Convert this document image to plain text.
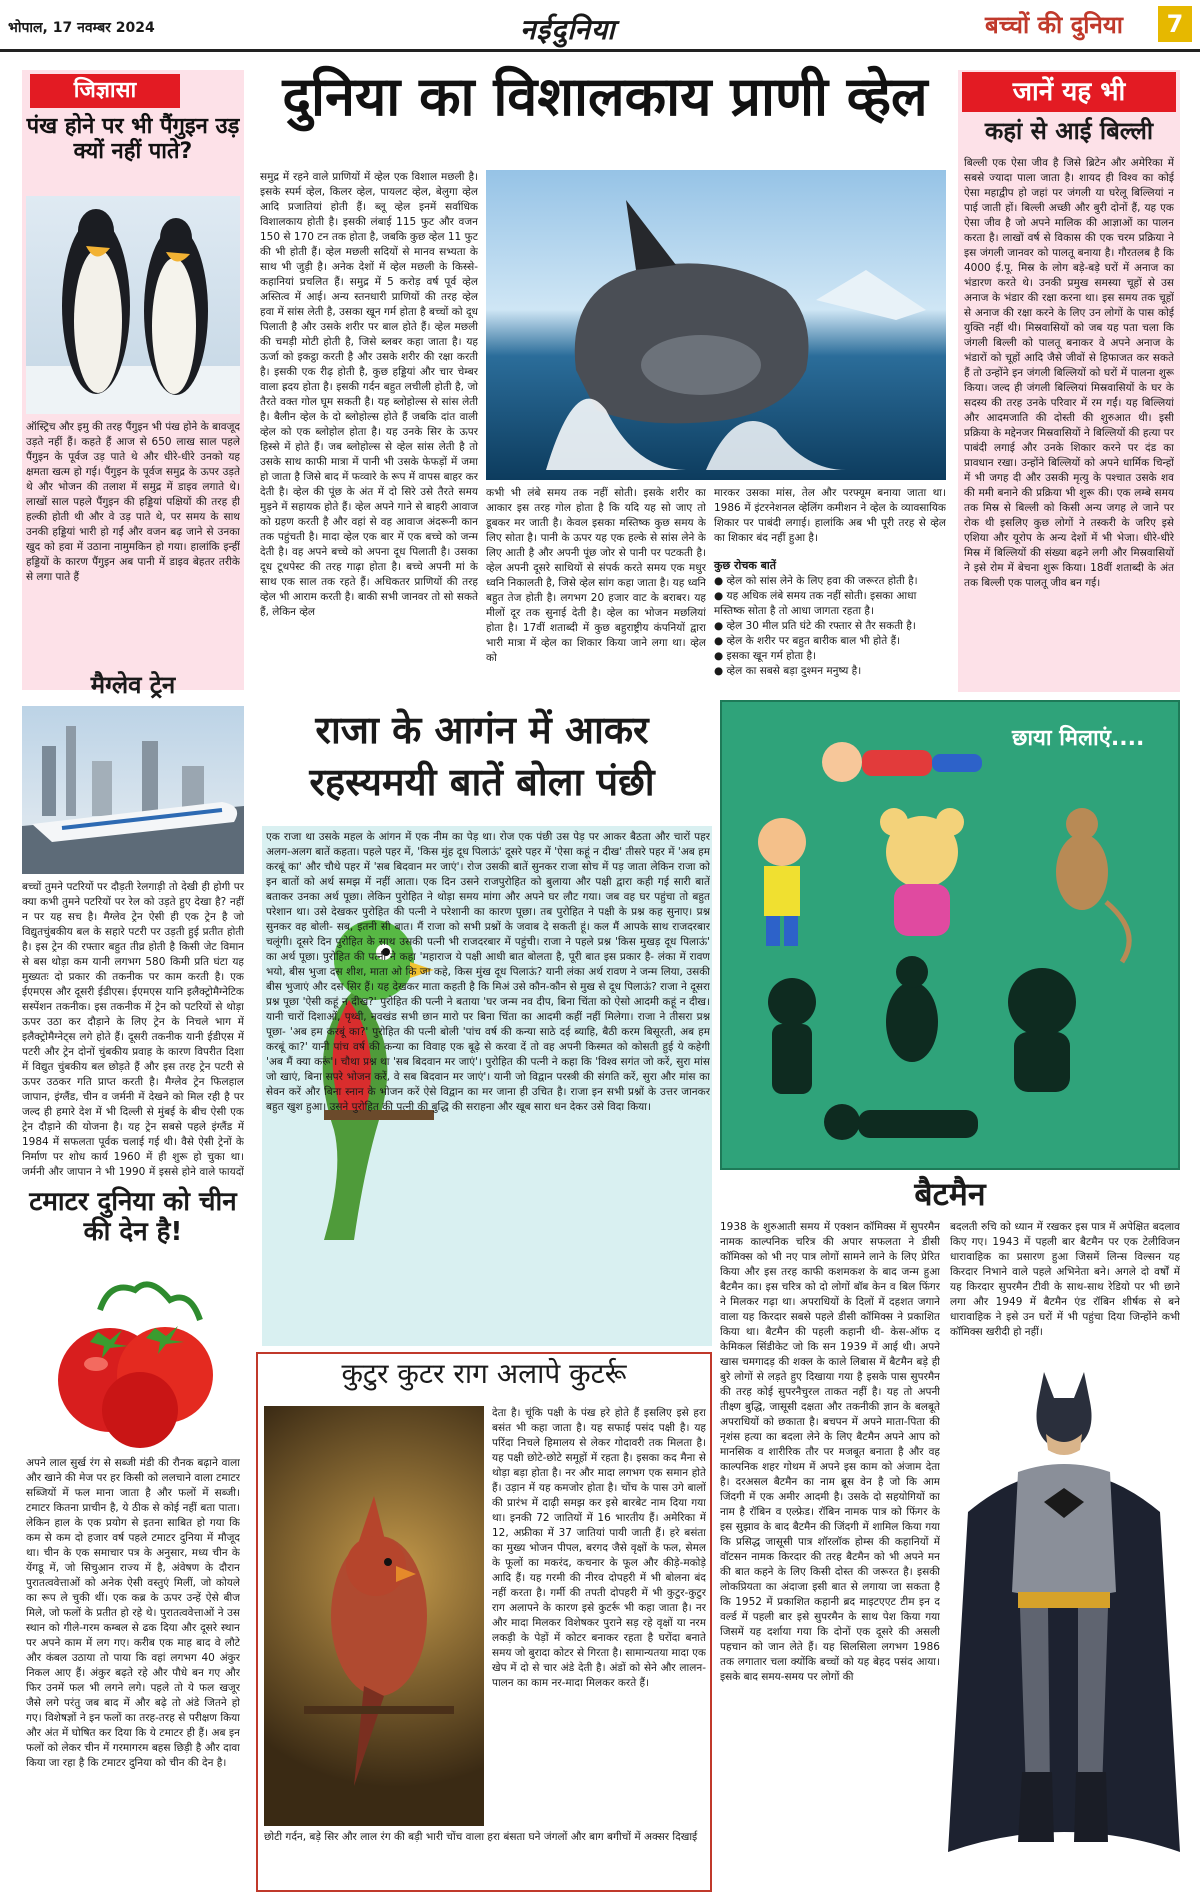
भोपाल, 17 नवम्बर 2024	नईदुनिया	बच्चों की दुनिया	7
जिज्ञासा
पंख होने पर भी पैंगुइन उड़ क्यों नहीं पाते?
ऑस्ट्रिच और इमु की तरह पैंगुइन भी पंख होने के बावजूद उड़ते नहीं हैं। कहते हैं आज से 650 लाख साल पहले पैंगुइन के पूर्वज उड़ पाते थे और धीरे-धीरे उनको यह क्षमता खत्म हो गई। पैंगुइन के पूर्वज समुद्र के ऊपर उड़ते थे और भोजन की तलाश में समुद्र में डाइव लगाते थे। लाखों साल पहले पैंगुइन की हड्डियां पक्षियों की तरह ही हल्की होती थी और वे उड़ पाते थे, पर समय के साथ उनकी हड्डियां भारी हो गईं और वजन बढ़ जाने से उनका खुद को हवा में उठाना नामुमकिन हो गया। हालांकि इन्हीं हड्डियों के कारण पैंगुइन अब पानी में डाइव बेहतर तरीके से लगा पाते हैं
मैग्लेव ट्रेन
बच्चों तुमने पटरियों पर दौड़ती रेलगाड़ी तो देखी ही होगी पर क्या कभी तुमने पटरियों पर रेल को उड़ते हुए देखा है? नहीं न पर यह सच है। मैग्लेव ट्रेन ऐसी ही एक ट्रेन है जो विद्युतचुंबकीय बल के सहारे पटरी पर उड़ती हुई प्रतीत होती है। इस ट्रेन की रफ्तार बहुत तीव्र होती है किसी जेट विमान से बस थोड़ा कम यानी लगभग 580 किमी प्रति घंटा यह मुख्यतः दो प्रकार की तकनीक पर काम करती है। एक ईएमएस और दूसरी ईडीएस। ईएमएस यानि इलैक्ट्रोमैग्नेटिक सस्पेंशन तकनीक। इस तकनीक में ट्रेन को पटरियों से थोड़ा ऊपर उठा कर दौड़ाने के लिए ट्रेन के निचले भाग में इलैक्ट्रोमैग्नेट्स लगे होते हैं। दूसरी तकनीक यानी ईडीएस में पटरी और ट्रेन दोनों चुंबकीय प्रवाह के कारण विपरीत दिशा में विद्युत चुंबकीय बल छोड़ते हैं और इस तरह ट्रेन पटरी से ऊपर उठकर गति प्राप्त करती है। मैग्लेव ट्रेन फिलहाल जापान, इंग्लैंड, चीन व जर्मनी में देखने को मिल रही है पर जल्द ही हमारे देश में भी दिल्ली से मुंबई के बीच ऐसी एक ट्रेन दौड़ाने की योजना है। यह ट्रेन सबसे पहले इंग्लैंड में 1984 में सफलता पूर्वक चलाई गई थी। वैसे ऐसी ट्रेनों के निर्माण पर शोध कार्य 1960 में ही शुरू हो चुका था। जर्मनी और जापान ने भी 1990 में इससे होने वाले फायदों
टमाटर दुनिया को चीन की देन है!
अपने लाल सुर्ख रंग से सब्जी मंडी की रौनक बढ़ाने वाला और खाने की मेज पर हर किसी को ललचाने वाला टमाटर सब्जियों में फल माना जाता है और फलों में सब्जी। टमाटर कितना प्राचीन है, ये ठीक से कोई नहीं बता पाता। लेकिन हाल के एक प्रयोग से इतना साबित हो गया कि कम से कम दो हजार वर्ष पहले टमाटर दुनिया में मौजूद था। चीन के एक समाचार पत्र के अनुसार, मध्य चीन के येंगडू में, जो सिचुआन राज्य में है, अंवेषण के दौरान पुरातत्ववेत्ताओं को अनेक ऐसी वस्तुएं मिलीं, जो कोयले का रूप ले चुकी थीं। एक कब्र के ऊपर उन्हें ऐसे बीज मिले, जो फलों के प्रतीत हो रहे थे। पुरातत्ववेत्ताओं ने उस स्थान को गीले-गरम कम्बल से ढक दिया और दूसरे स्थान पर अपने काम में लग गए। करीब एक माह बाद वे लौटे और कंबल उठाया तो पाया कि वहां लगभग 40 अंकुर निकल आए हैं। अंकुर बढ़ते रहे और पौधे बन गए और फिर उनमें फल भी लगने लगे। पहले तो ये फल खजूर जैसे लगे परंतु जब बाद में और बढ़े तो अंडे जितने हो गए। विशेषज्ञों ने इन फलों का तरह-तरह से परीक्षण किया और अंत में घोषित कर दिया कि ये टमाटर ही हैं। अब इन फलों को लेकर चीन में गरमागरम बहस छिड़ी है और दावा किया जा रहा है कि टमाटर दुनिया को चीन की देन है।
दुनिया का विशालकाय प्राणी व्हेल
समुद्र में रहने वाले प्राणियों में व्हेल एक विशाल मछली है। इसके स्पर्म व्हेल, किलर व्हेल, पायलट व्हेल, बेलुगा व्हेल आदि प्रजातियां होती हैं। ब्लू व्हेल इनमें सर्वाधिक विशालकाय होती है। इसकी लंबाई 115 फुट और वजन 150 से 170 टन तक होता है, जबकि कुछ व्हेल 11 फुट की भी होती हैं। व्हेल मछली सदियों से मानव सभ्यता के साथ भी जुड़ी है। अनेक देशों में व्हेल मछली के किस्से-कहानियां प्रचलित हैं। समुद्र में 5 करोड़ वर्ष पूर्व व्हेल अस्तित्व में आई। अन्य स्तनधारी प्राणियों की तरह व्हेल हवा में सांस लेती है, उसका खून गर्म होता है बच्चों को दूध पिलाती है और उसके शरीर पर बाल होते हैं। व्हेल मछली की चमड़ी मोटी होती है, जिसे ब्लबर कहा जाता है। यह ऊर्जा को इकट्ठा करती है और उसके शरीर की रक्षा करती है। इसकी एक रीढ़ होती है, कुछ हड्डियां और चार चेम्बर वाला ह्रदय होता है। इसकी गर्दन बहुत लचीली होती है, जो तैरते वक्त गोल घूम सकती है। यह ब्लोहोल्स से सांस लेती है। बैलीन व्हेल के दो ब्लोहोल्स होते हैं जबकि दांत वाली व्हेल को एक ब्लोहोल होता है। यह उनके सिर के ऊपर हिस्से में होते हैं। जब ब्लोहोल्स से व्हेल सांस लेती है तो उसके साथ काफी मात्रा में पानी भी उसके फेफड़ों में जमा हो जाता है जिसे बाद में फव्वारे के रूप में वापस बाहर कर देती है। व्हेल की पूंछ के अंत में दो सिरे उसे तैरते समय मुड़ने में सहायक होते हैं। व्हेल अपने गाने से बाहरी आवाज को ग्रहण करती है और वहां से वह आवाज अंदरूनी कान तक पहुंचती है। मादा व्हेल एक बार में एक बच्चे को जन्म देती है। वह अपने बच्चे को अपना दूध पिलाती है। उसका दूध टूथपेस्ट की तरह गाढ़ा होता है। बच्चे अपनी मां के साथ एक साल तक रहते हैं। अधिकतर प्राणियों की तरह व्हेल भी आराम करती है। बाकी सभी जानवर तो सो सकते हैं, लेकिन व्हेल
कभी भी लंबे समय तक नहीं सोती। इसके शरीर का आकार इस तरह गोल होता है कि यदि यह सो जाए तो डूबकर मर जाती है। केवल इसका मस्तिष्क कुछ समय के लिए सोता है। पानी के ऊपर यह एक हल्के से सांस लेने के लिए आती है और अपनी पूंछ जोर से पानी पर पटकती है। व्हेल अपनी दूसरे साथियों से संपर्क करते समय एक मधुर ध्वनि निकालती है, जिसे व्हेल सांग कहा जाता है। यह ध्वनि बहुत तेज होती है। लगभग 20 हजार वाट के बराबर। यह मीलों दूर तक सुनाई देती है। व्हेल का भोजन मछलियां होता है। 17वीं शताब्दी में कुछ बहुराष्ट्रीय कंपनियों द्वारा भारी मात्रा में व्हेल का शिकार किया जाने लगा था। व्हेल को
मारकर उसका मांस, तेल और परफ्यूम बनाया जाता था। 1986 में इंटरनेशनल व्हेलिंग कमीशन ने व्हेल के व्यावसायिक शिकार पर पाबंदी लगाई। हालांकि अब भी पूरी तरह से व्हेल का शिकार बंद नहीं हुआ है।
कुछ रोचक बातें
● व्हेल को सांस लेने के लिए हवा की जरूरत होती है।
● यह अधिक लंबे समय तक नहीं सोती। इसका आधा मस्तिष्क सोता है तो आधा जागता रहता है।
● व्हेल 30 मील प्रति घंटे की रफ्तार से तैर सकती है।
● व्हेल के शरीर पर बहुत बारीक बाल भी होते हैं।
● इसका खून गर्म होता है।
● व्हेल का सबसे बड़ा दुश्मन मनुष्य है।
जानें यह भी
कहां से आई बिल्ली
बिल्ली एक ऐसा जीव है जिसे ब्रिटेन और अमेरिका में सबसे ज्यादा पाला जाता है। शायद ही विश्व का कोई ऐसा महाद्वीप हो जहां पर जंगली या घरेलू बिल्लियां न पाई जाती हों। बिल्ली अच्छी और बुरी दोनों हैं, यह एक ऐसा जीव है जो अपने मालिक की आज्ञाओं का पालन करता है। लाखों वर्ष से विकास की एक चरम प्रक्रिया ने इस जंगली जानवर को पालतू बनाया है। गौरतलब है कि 4000 ई.पू. मिस्र के लोग बड़े-बड़े घरों में अनाज का भंडारण करते थे। उनकी प्रमुख समस्या चूहों से उस अनाज के भंडार की रक्षा करना था। इस समय तक चूहों से अनाज की रक्षा करने के लिए उन लोगों के पास कोई युक्ति नहीं थी। मिस्रवासियों को जब यह पता चला कि जंगली बिल्ली को पालतू बनाकर वे अपने अनाज के भंडारों को चूहों आदि जैसे जीवों से हिफाजत कर सकते हैं तो उन्होंने इन जंगली बिल्लियों को घरों में पालना शुरू किया। जल्द ही जंगली बिल्लियां मिस्रवासियों के घर के सदस्य की तरह उनके परिवार में रम गईं। यह बिल्लियां और आदमजाति की दोस्ती की शुरुआत थी। इसी प्रक्रिया के मद्देनजर मिस्रवासियों ने बिल्लियों की हत्या पर पाबंदी लगाई और उनके शिकार करने पर दंड का प्रावधान रखा। उन्होंने बिल्लियों को अपने धार्मिक चिन्हों में भी जगह दी और उसकी मृत्यु के पश्चात उसके शव की ममी बनाने की प्रक्रिया भी शुरू की। एक लम्बे समय तक मिस्र से बिल्ली को किसी अन्य जगह ले जाने पर रोक थी इसलिए कुछ लोगों ने तस्करी के जरिए इसे एशिया और यूरोप के अन्य देशों में भी भेजा। धीरे-धीरे मिस्र में बिल्लियों की संख्या बढ़ने लगी और मिस्रवासियों ने इसे रोम में बेचना शुरू किया। 18वीं शताब्दी के अंत तक बिल्ली एक पालतू जीव बन गई।
छाया मिलाएं....
राजा के आगंन में आकर
रहस्यमयी बातें बोला पंछी
एक राजा था उसके महल के आंगन में एक नीम का पेड़ था। रोज एक पंछी उस पेड़ पर आकर बैठता और चारों पहर अलग-अलग बातें कहता। पहले पहर में, 'किस मुंह दूध पिलाऊं' दूसरे पहर में 'ऐसा कहूं न दीख' तीसरे पहर में 'अब हम करबूं का' और चौथे पहर में 'सब बिदवान मर जाएं'। रोज उसकी बातें सुनकर राजा सोच में पड़ जाता लेकिन राजा को इन बातों को अर्थ समझ में नहीं आता। एक दिन उसने राजपुरोहित को बुलाया और पक्षी द्वारा कही गई सारी बातें बताकर उनका अर्थ पूछा। लेकिन पुरोहित ने थोड़ा समय मांगा और अपने घर लौट गया। जब वह घर पहुंचा तो बहुत परेशान था। उसे देखकर पुरोहित की पत्नी ने परेशानी का कारण पूछा। तब पुरोहित ने पक्षी के प्रश्न कह सुनाए। प्रश्न सुनकर वह बोली- सब, इतनी सी बात। मैं राजा को सभी प्रश्नों के जवाब दे सकती हूं। कल मैं आपके साथ राजदरबार चलूंगी। दूसरे दिन पुरोहित के साथ उसकी पत्नी भी राजदरबार में पहुंची। राजा ने पहले प्रश्न 'किस मुखड़ दूध पिलाऊं' का अर्थ पूछा। पुरोहित की पत्नी ने कहा 'महाराज ये पक्षी आधी बात बोलता है, पूरी बात इस प्रकार है- लंका में रावण भयो, बीस भुजा दस शीश, माता ओ कि जा कहे, किस मुंख दूध पिलाऊं? यानी लंका अर्थ रावण ने जन्म लिया, उसकी बीस भुजाएं और दस सिर हैं। यह देखकर माता कहती है कि मिअं उसे कौन-कौन से मुख से दूध पिलाऊं? राजा ने दूसरा प्रश्न पूछा 'ऐसी कहूं न दीख?' पुरोहित की पत्नी ने बताया 'घर जन्म नव दीप, बिना चिंता को ऐसो आदमी कहूं न दीख। यानी चारों दिशाओं, पृथ्वी, नवखंड सभी छान मारो पर बिना चिंता का आदमी कहीं नहीं मिलेगा। राजा ने तीसरा प्रश्न पूछा- 'अब हम करबूं का?' पुरोहित की पत्नी बोली 'पांच वर्ष की कन्या साठे दई ब्याहि, बैठी करम बिसूरती, अब हम करबूं का?' यानी पांच वर्ष की कन्या का विवाह एक बूढ़े से करवा दें तो वह अपनी किस्मत को कोसती हुई ये कहेगी 'अब मैं क्या करूं'। चौथा प्रश्न था 'सब बिदवान मर जाएं'। पुरोहित की पत्नी ने कहा कि 'विश्व सगंत जो करें, सुरा मांस जो खाएं, बिना सपरे भोजन करें, वे सब बिदवान मर जाएं'। यानी जो विद्वान परस्त्री की संगति करें, सुरा और मांस का सेवन करें और बिना स्नान के भोजन करें ऐसे विद्वान का मर जाना ही उचित है। राजा इन सभी प्रश्नों के उत्तर जानकर बहुत खुश हुआ। उसने पुरोहित की पत्नी की बुद्धि की सराहना और खूब सारा धन देकर उसे विदा किया।
कुटुर कुटर राग अलापे कुटर्रू
छोटी गर्दन, बड़े सिर और लाल रंग की बड़ी भारी चोंच वाला हरा बंसता घने जंगलों और बाग बगीचों में अक्सर दिखाई
देता है। चूंकि पक्षी के पंख हरे होते हैं इसलिए इसे हरा बसंत भी कहा जाता है। यह सफाई पसंद पक्षी है। यह परिंदा निचले हिमालय से लेकर गोदावरी तक मिलता है। यह पक्षी छोटे-छोटे समूहों में रहता है। इसका कद मैना से थोड़ा बड़ा होता है। नर और मादा लगभग एक समान होते हैं। उड़ान में यह कमजोर होता है। चोंच के पास उगे बालों की प्रारंभ में दाढ़ी समझ कर इसे बारबेट नाम दिया गया था। इनकी 72 जातियों में 16 भारतीय हैं। अमेरिका में 12, अफ्रीका में 37 जातियां पायी जाती हैं। हरे बसंता का मुख्य भोजन पीपल, बरगद जैसे वृक्षों के फल, सेमल के फूलों का मकरंद, कचनार के फूल और कीड़े-मकोड़े आदि हैं। यह गरमी की नीरव दोपहरी में भी बोलना बंद नहीं करता है। गर्मी की तपती दोपहरी में भी कुटुर-कुटुर राग अलापने के कारण इसे कुटर्रू भी कहा जाता है। नर और मादा मिलकर विशेषकर पुराने सड़ रहे वृक्षों या नरम लकड़ी के पेड़ों में कोटर बनाकर रहता है घरोंदा बनाते समय जो बुरादा कोटर से गिरता है। सामान्यतया मादा एक खेप में दो से चार अंडे देती है। अंडों को सेने और लालन-पालन का काम नर-मादा मिलकर करते हैं।
बैटमैन
1938 के शुरुआती समय में एक्शन कॉमिक्स में सुपरमैन नामक काल्पनिक चरित्र की अपार सफलता ने डीसी कॉमिक्स को भी नए पात्र लोगों सामने लाने के लिए प्रेरित किया और इस तरह काफी कशमकश के बाद जन्म हुआ बैटमैन का। इस चरित्र को दो लोगों बॉब केन व बिल फिंगर ने मिलकर गढ़ा था। अपराधियों के दिलों में दहशत जगाने वाला यह किरदार सबसे पहले डीसी कॉमिक्स ने प्रकाशित किया था। बैटमैन की पहली कहानी थी- केस-ऑफ द केमिकल सिंडीकेट जो कि सन 1939 में आई थी। अपने खास चमगादड़ की शक्ल के काले लिबास में बैटमैन बड़े ही बुरे लोगों से लड़ते हुए दिखाया गया है इसके पास सुपरमैन की तरह कोई सुपरनैचुरल ताकत नहीं है। यह तो अपनी तीक्ष्ण बुद्धि, जासूसी दक्षता और तकनीकी ज्ञान के बलबूते अपराधियों को छकाता है। बचपन में अपने माता-पिता की नृशंस हत्या का बदला लेने के लिए बैटमैन अपने आप को मानसिक व शारीरिक तौर पर मजबूत बनाता है और वह काल्पनिक शहर गोथम में अपने इस काम को अंजाम देता है। दरअसल बैटमैन का नाम ब्रूस वेन है जो कि आम जिंदगी में एक अमीर आदमी है। उसके दो सहयोगियों का नाम है रॉबिन व एल्फ्रेड। रॉबिन नामक पात्र को फिंगर के इस सुझाव के बाद बैटमैन की जिंदगी में शामिल किया गया कि प्रसिद्ध जासूसी पात्र शॉरलॉक होम्स की कहानियों में वॉटसन नामक किरदार की तरह बैटमैन को भी अपने मन की बात कहने के लिए किसी दोस्त की जरूरत है। इसकी लोकप्रियता का अंदाजा इसी बात से लगाया जा सकता है कि 1952 में प्रकाशित कहानी ब्रद माइटएएट टीम इन द वर्ल्ड में पहली बार इसे सुपरमैन के साथ पेश किया गया जिसमें यह दर्शाया गया कि दोनों एक दूसरे की असली पहचान को जान लेते हैं। यह सिलसिला लगभग 1986 तक लगातार चला क्योंकि बच्चों को यह बेहद पसंद आया। इसके बाद समय-समय पर लोगों की
बदलती रुचि को ध्यान में रखकर इस पात्र में अपेक्षित बदलाव किए गए। 1943 में पहली बार बैटमैन पर एक टेलीविजन धारावाहिक का प्रसारण हुआ जिसमें लिन्स विल्सन यह किरदार निभाने वाले पहले अभिनेता बने। अगले दो वर्षों में यह किरदार सुपरमैन टीवी के साथ-साथ रेडियो पर भी छाने लगा और 1949 में बैटमैन एंड रॉबिन शीर्षक से बने धारावाहिक ने इसे उन घरों में भी पहुंचा दिया जिन्होंने कभी कॉमिक्स खरीदी हो नहीं।
